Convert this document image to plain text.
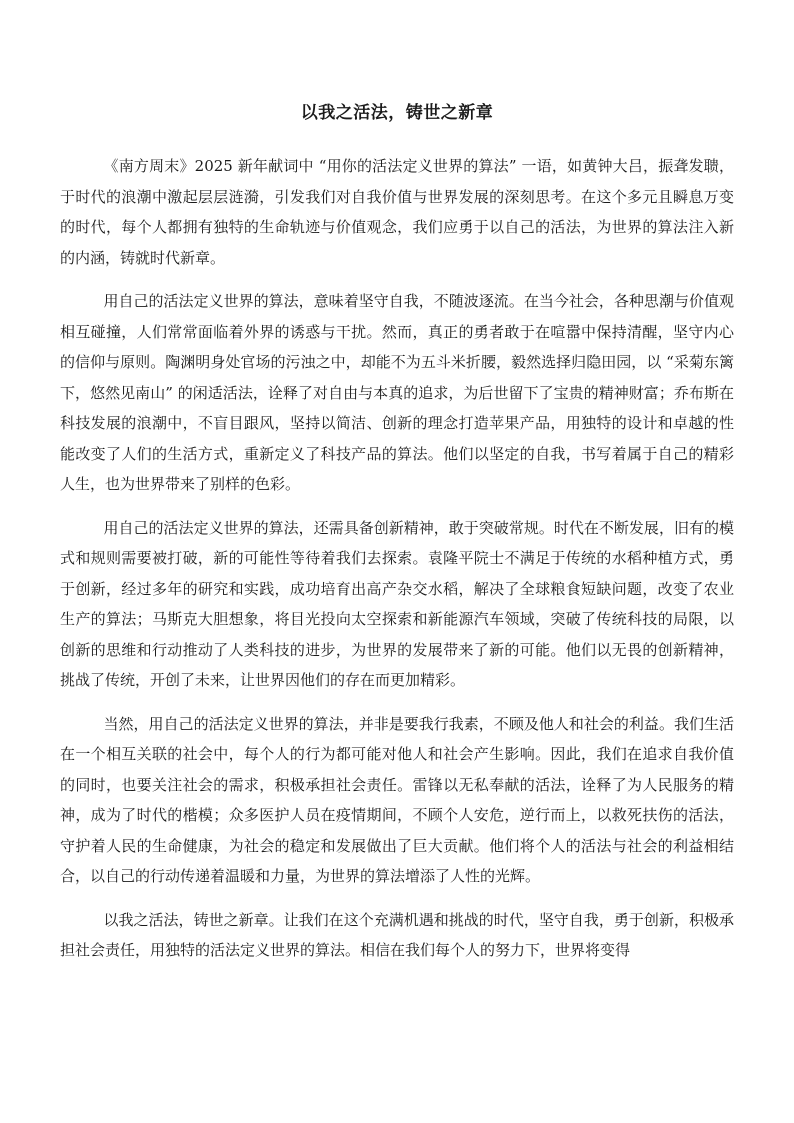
以我之活法，铸世之新章

《南方周末》2025 新年献词中 “用你的活法定义世界的算法” 一语，如黄钟大吕，振聋发聩，于时代的浪潮中激起层层涟漪，引发我们对自我价值与世界发展的深刻思考。在这个多元且瞬息万变的时代，每个人都拥有独特的生命轨迹与价值观念，我们应勇于以自己的活法，为世界的算法注入新的内涵，铸就时代新章。

用自己的活法定义世界的算法，意味着坚守自我，不随波逐流。在当今社会，各种思潮与价值观相互碰撞，人们常常面临着外界的诱惑与干扰。然而，真正的勇者敢于在喧嚣中保持清醒，坚守内心的信仰与原则。陶渊明身处官场的污浊之中，却能不为五斗米折腰，毅然选择归隐田园，以 “采菊东篱下，悠然见南山” 的闲适活法，诠释了对自由与本真的追求，为后世留下了宝贵的精神财富；乔布斯在科技发展的浪潮中，不盲目跟风，坚持以简洁、创新的理念打造苹果产品，用独特的设计和卓越的性能改变了人们的生活方式，重新定义了科技产品的算法。他们以坚定的自我，书写着属于自己的精彩人生，也为世界带来了别样的色彩。

用自己的活法定义世界的算法，还需具备创新精神，敢于突破常规。时代在不断发展，旧有的模式和规则需要被打破，新的可能性等待着我们去探索。袁隆平院士不满足于传统的水稻种植方式，勇于创新，经过多年的研究和实践，成功培育出高产杂交水稻，解决了全球粮食短缺问题，改变了农业生产的算法；马斯克大胆想象，将目光投向太空探索和新能源汽车领域，突破了传统科技的局限，以创新的思维和行动推动了人类科技的进步，为世界的发展带来了新的可能。他们以无畏的创新精神，挑战了传统，开创了未来，让世界因他们的存在而更加精彩。

当然，用自己的活法定义世界的算法，并非是要我行我素，不顾及他人和社会的利益。我们生活在一个相互关联的社会中，每个人的行为都可能对他人和社会产生影响。因此，我们在追求自我价值的同时，也要关注社会的需求，积极承担社会责任。雷锋以无私奉献的活法，诠释了为人民服务的精神，成为了时代的楷模；众多医护人员在疫情期间，不顾个人安危，逆行而上，以救死扶伤的活法，守护着人民的生命健康，为社会的稳定和发展做出了巨大贡献。他们将个人的活法与社会的利益相结合，以自己的行动传递着温暖和力量，为世界的算法增添了人性的光辉。

以我之活法，铸世之新章。让我们在这个充满机遇和挑战的时代，坚守自我，勇于创新，积极承担社会责任，用独特的活法定义世界的算法。相信在我们每个人的努力下，世界将变得
